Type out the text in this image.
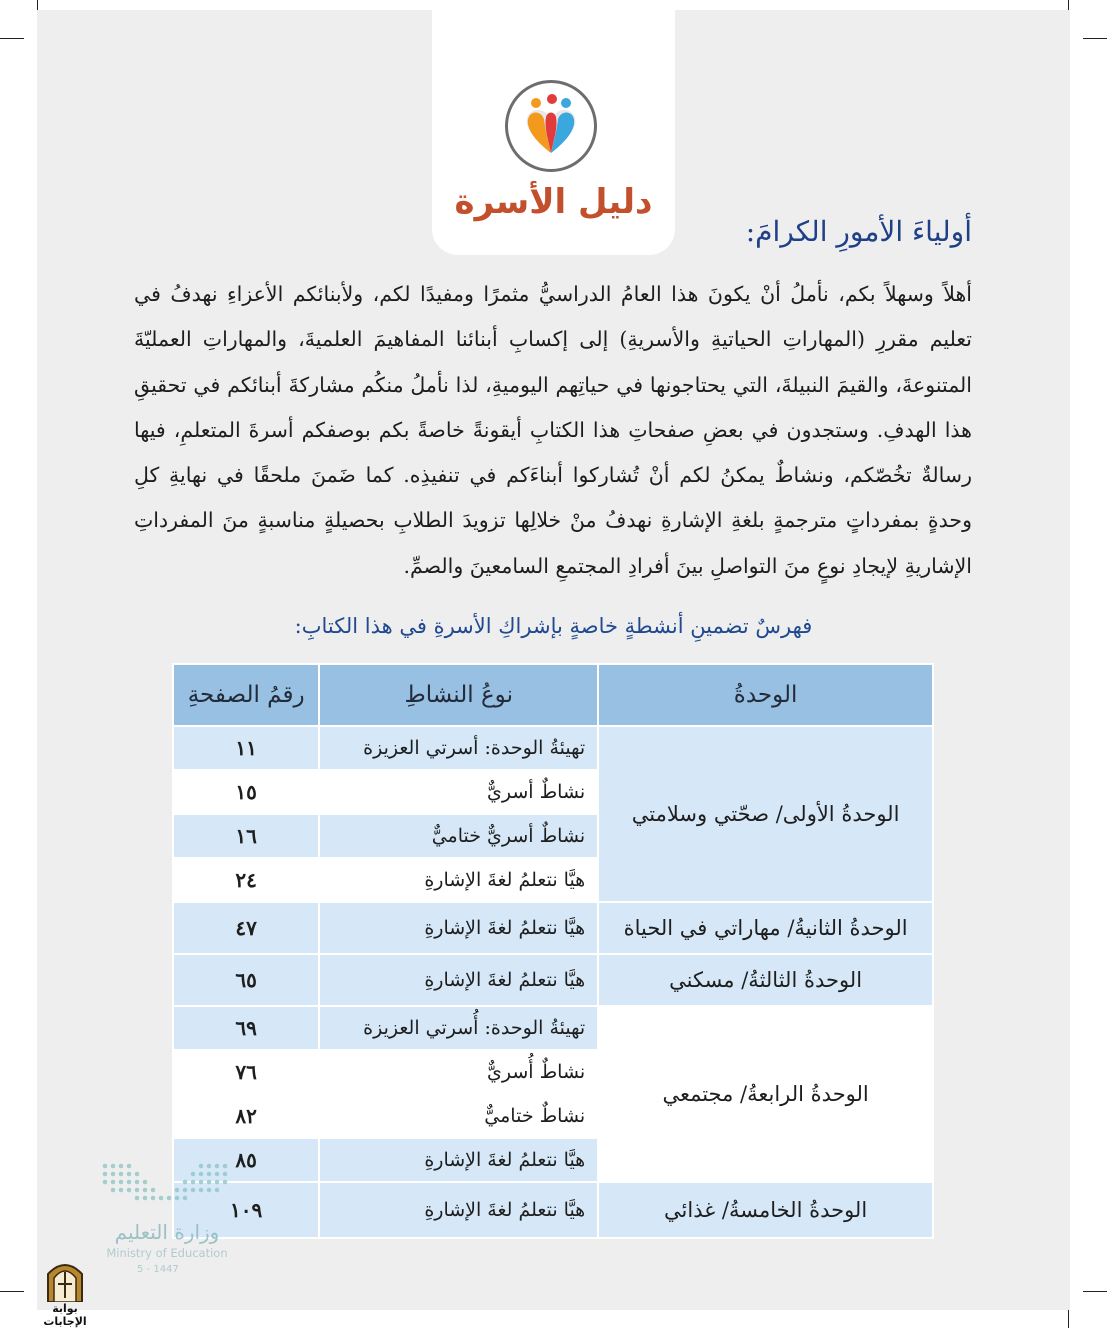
دليل الأسرة
أولياءَ الأمورِ الكرامَ:

أهلاً وسهلاً بكم، نأملُ أنْ يكونَ هذا العامُ الدراسيُّ مثمرًا ومفيدًا لكم، ولأبنائكم الأعزاءِ نهدفُ في تعليم مقررِ (المهاراتِ الحياتيةِ والأسريةِ) إلى إكسابِ أبنائنا المفاهيمَ العلميةَ، والمهاراتِ العمليّةَ المتنوعةَ، والقيمَ النبيلةَ، التي يحتاجونها في حياتِهم اليوميةِ، لذا نأملُ منكُم مشاركةَ أبنائكم في تحقيقِ هذا الهدفِ. وستجدون في بعضِ صفحاتِ هذا الكتابِ أيقونةً خاصةً بكم بوصفكم أسرةَ المتعلمِ، فيها رسالةٌ تخُصّكم، ونشاطٌ يمكنُ لكم أنْ تُشاركوا أبناءَكم في تنفيذِه. كما ضَمنَ ملحقًا في نهايةِ كلِ وحدةٍ بمفرداتٍ مترجمةٍ بلغةِ الإشارةِ نهدفُ منْ خلالِها تزويدَ الطلابِ بحصيلةٍ مناسبةٍ منَ المفرداتِ الإشاريةِ لإيجادِ نوعٍ منَ التواصلِ بينَ أفرادِ المجتمعِ السامعينَ والصمِّ.

فهرسٌ تضمينِ أنشطةٍ خاصةٍ بإشراكِ الأسرةِ في هذا الكتابِ:
الوحدةُ	نوعُ النشاطِ	رقمُ الصفحةِ
الوحدةُ الأولى/ صحّتي وسلامتي	تهيئةُ الوحدة: أسرتي العزيزة	١١
	نشاطٌ أسريٌّ	١٥
	نشاطٌ أسريٌّ ختاميٌّ	١٦
	هيَّا نتعلمُ لغةَ الإشارةِ	٢٤
الوحدةُ الثانيةُ/ مهاراتي في الحياة	هيَّا نتعلمُ لغةَ الإشارةِ	٤٧
الوحدةُ الثالثةُ/ مسكني	هيَّا نتعلمُ لغةَ الإشارةِ	٦٥
الوحدةُ الرابعةُ/ مجتمعي	تهيئةُ الوحدة: أُسرتي العزيزة	٦٩
	نشاطٌ أُسريٌّ	٧٦
	نشاطٌ ختاميٌّ	٨٢
	هيَّا نتعلمُ لغةَ الإشارةِ	٨٥
الوحدةُ الخامسةُ/ غذائي	هيَّا نتعلمُ لغةَ الإشارةِ	١٠٩
وزارة التعليم
Ministry of Education
5 - 1447
بوابة الإجابات
